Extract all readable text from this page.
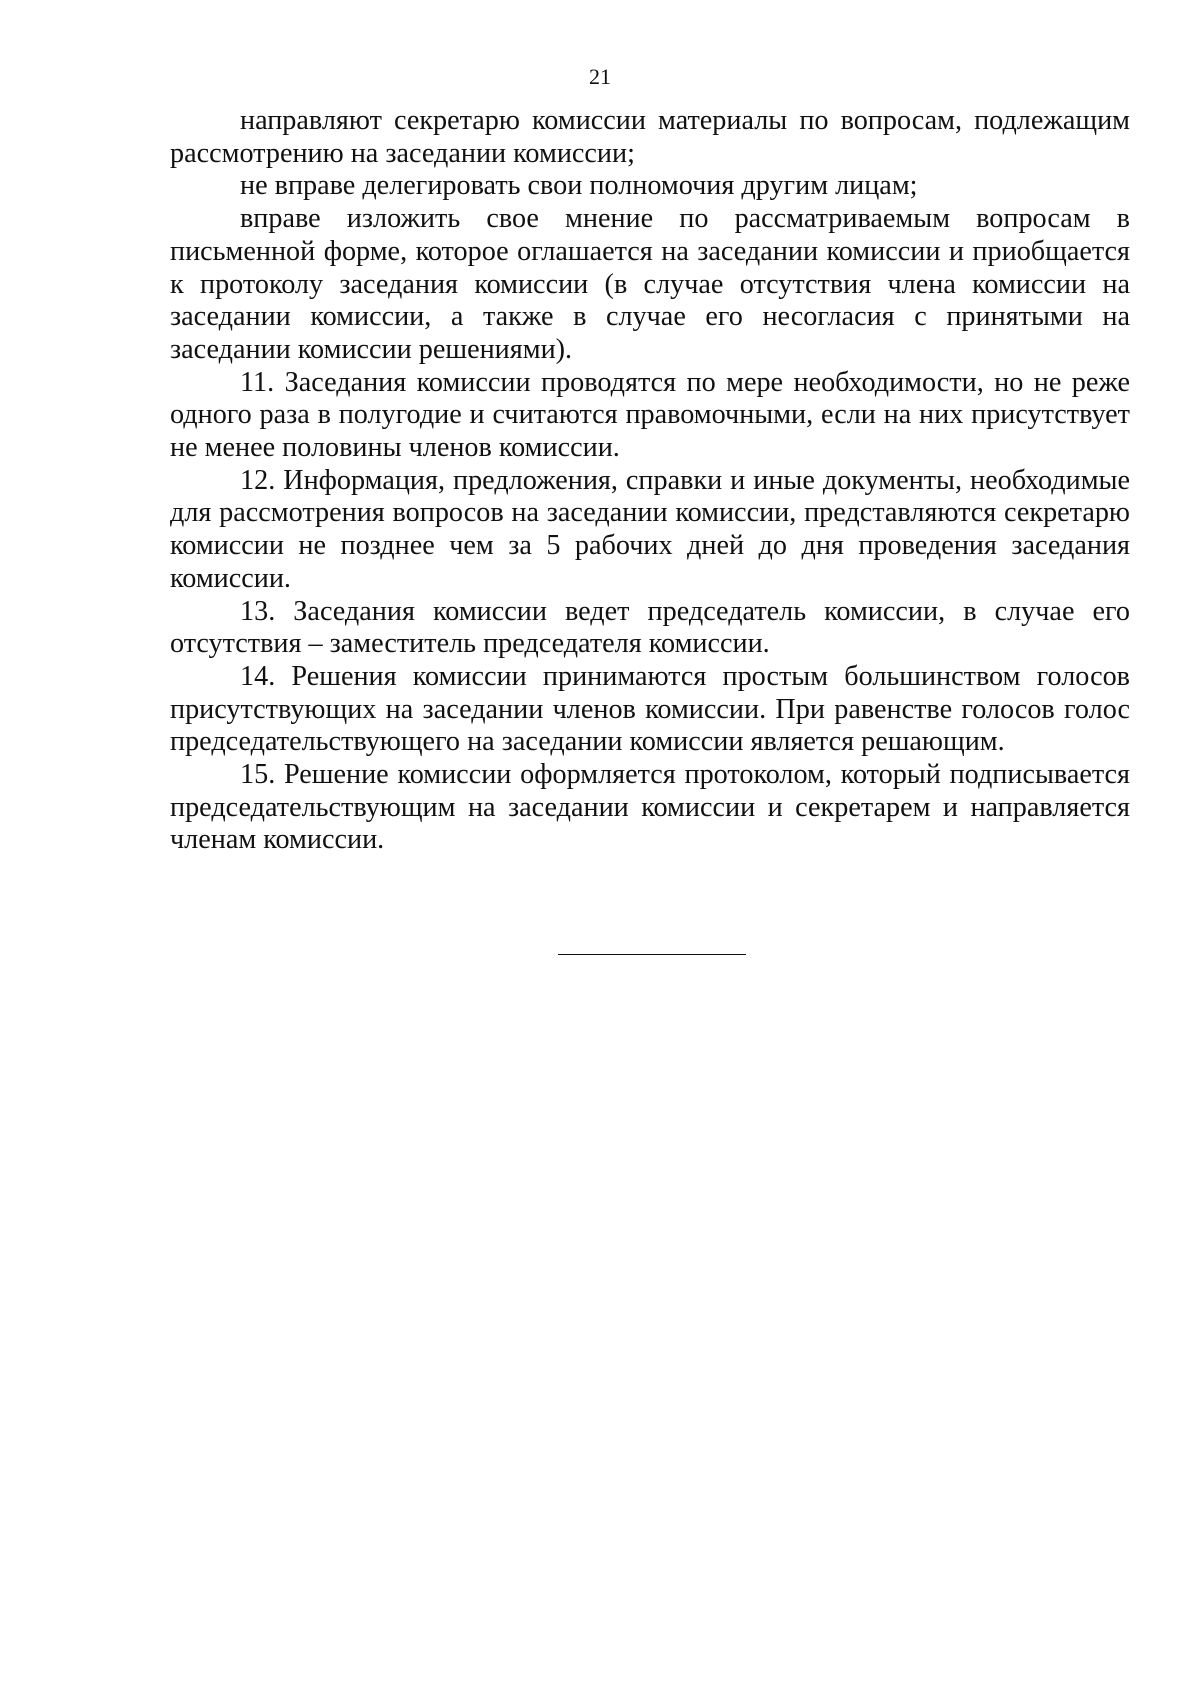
21

направляют секретарю комиссии материалы по вопросам, подлежащим рассмотрению на заседании комиссии;

не вправе делегировать свои полномочия другим лицам;

вправе изложить свое мнение по рассматриваемым вопросам в письменной форме, которое оглашается на заседании комиссии и приобщается к протоколу заседания комиссии (в случае отсутствия члена комиссии на заседании комиссии, а также в случае его несогласия с принятыми на заседании комиссии решениями).

11. Заседания комиссии проводятся по мере необходимости, но не реже одного раза в полугодие и считаются правомочными, если на них присутствует не менее половины членов комиссии.

12. Информация, предложения, справки и иные документы, необходимые для рассмотрения вопросов на заседании комиссии, представляются секретарю комиссии не позднее чем за 5 рабочих дней до дня проведения заседания комиссии.

13. Заседания комиссии ведет председатель комиссии, в случае его отсутствия – заместитель председателя комиссии.

14. Решения комиссии принимаются простым большинством голосов присутствующих на заседании членов комиссии. При равенстве голосов голос председательствующего на заседании комиссии является решающим.

15. Решение комиссии оформляется протоколом, который подписывается председательствующим на заседании комиссии и секретарем и направляется членам комиссии.
